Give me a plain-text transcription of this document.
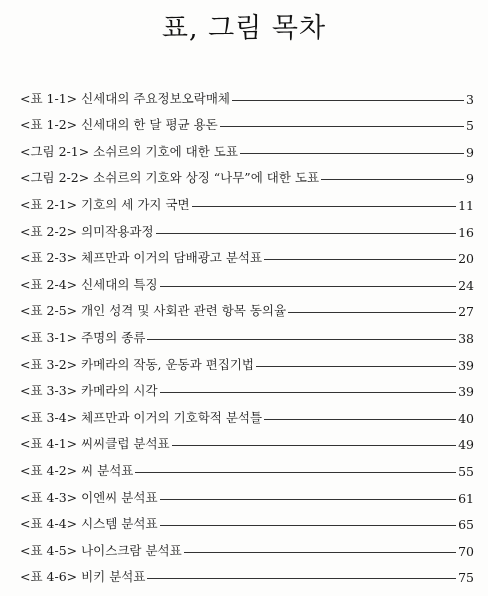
표, 그림 목차
<표 1-1> 신세대의 주요정보오락매체	3
<표 1-2> 신세대의 한 달 평균 용돈	5
<그림 2-1> 소쉬르의 기호에 대한 도표	9
<그림 2-2> 소쉬르의 기호와 상징 “나무”에 대한 도표	9
<표 2-1> 기호의 세 가지 국면	11
<표 2-2> 의미작용과정	16
<표 2-3> 체프만과 이거의 담배광고 분석표	20
<표 2-4> 신세대의 특징	24
<표 2-5> 개인 성격 및 사회관 관련 항목 동의율	27
<표 3-1> 주명의 종류	38
<표 3-2> 카메라의 작동, 운동과 편집기법	39
<표 3-3> 카메라의 시각	39
<표 3-4> 체프만과 이거의 기호학적 분석틀	40
<표 4-1> 씨씨클럽 분석표	49
<표 4-2> 씨 분석표	55
<표 4-3> 이엔씨 분석표	61
<표 4-4> 시스템 분석표	65
<표 4-5> 나이스크람 분석표	70
<표 4-6> 비키 분석표	75
